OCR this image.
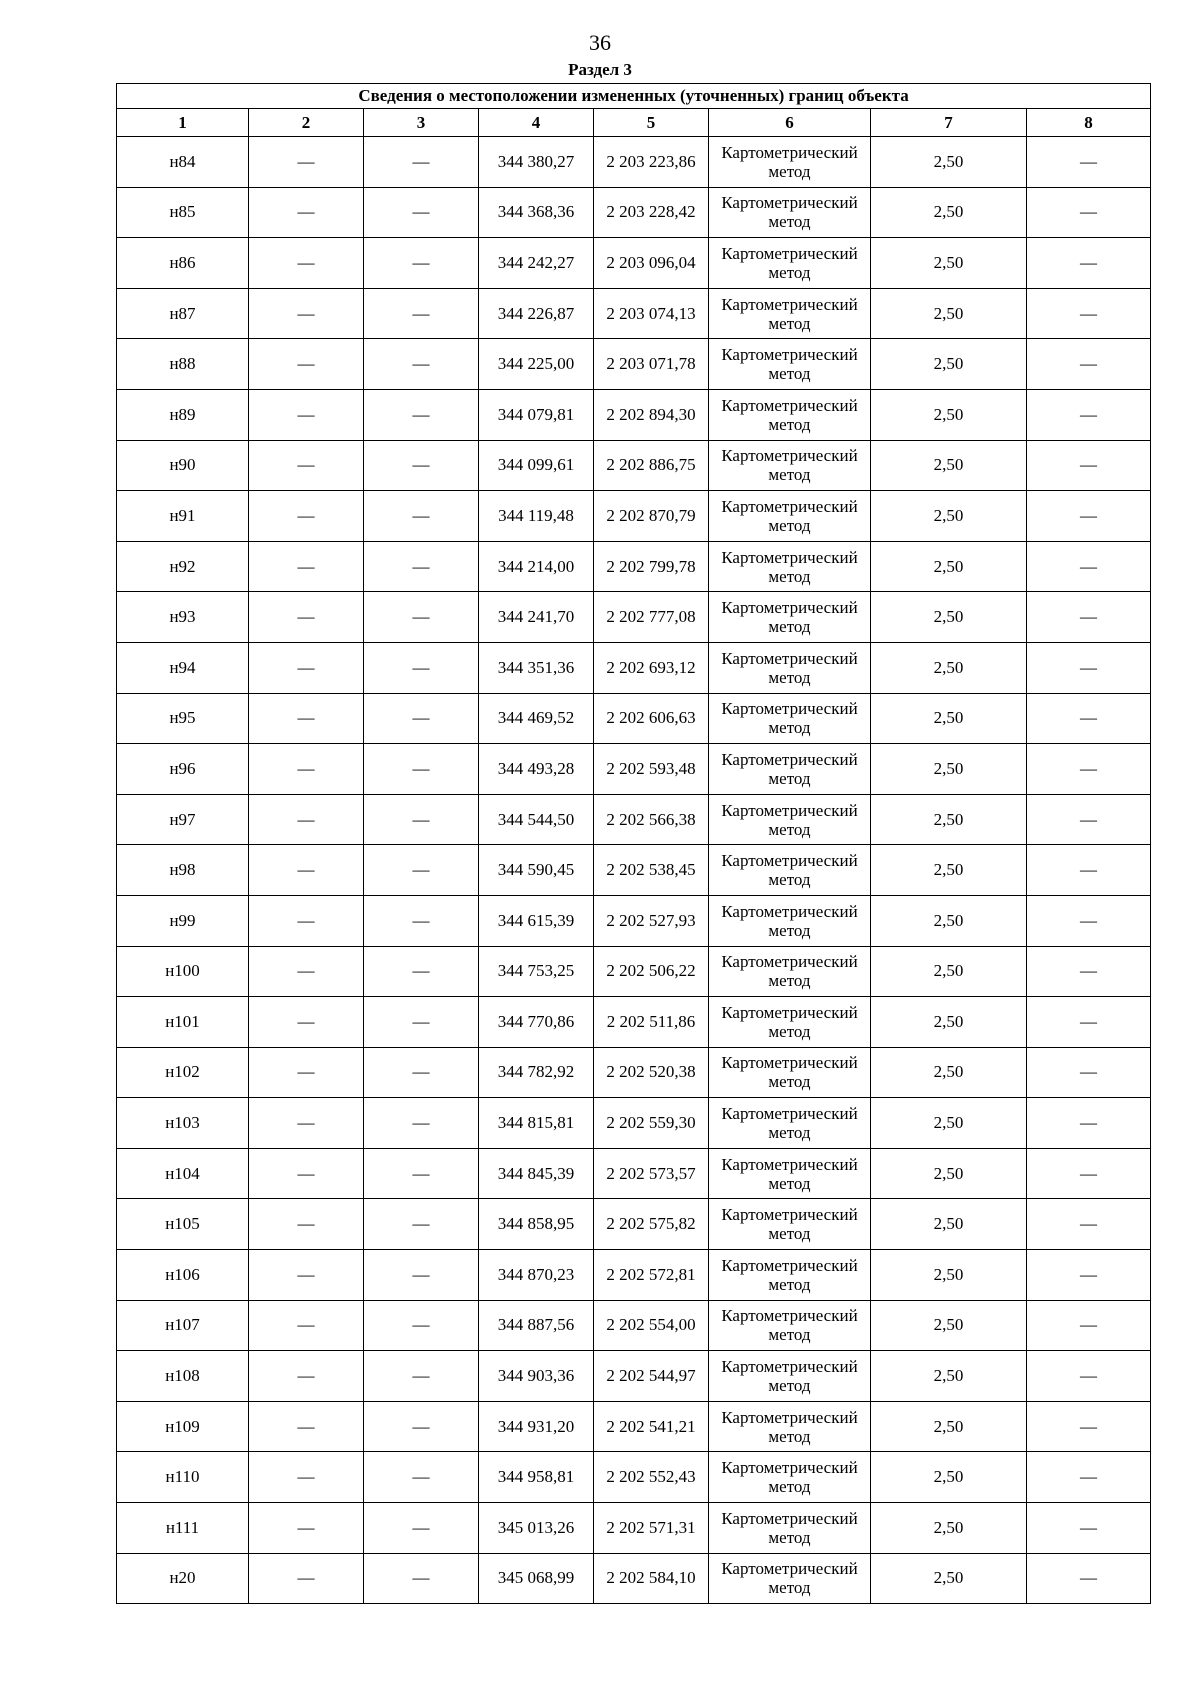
36
Раздел 3
Сведения о местоположении измененных (уточненных) границ объекта							
1	2	3	4	5	6	7	8
н84	—	—	344 380,27	2 203 223,86	Картометрический метод	2,50	—
н85	—	—	344 368,36	2 203 228,42	Картометрический метод	2,50	—
н86	—	—	344 242,27	2 203 096,04	Картометрический метод	2,50	—
н87	—	—	344 226,87	2 203 074,13	Картометрический метод	2,50	—
н88	—	—	344 225,00	2 203 071,78	Картометрический метод	2,50	—
н89	—	—	344 079,81	2 202 894,30	Картометрический метод	2,50	—
н90	—	—	344 099,61	2 202 886,75	Картометрический метод	2,50	—
н91	—	—	344 119,48	2 202 870,79	Картометрический метод	2,50	—
н92	—	—	344 214,00	2 202 799,78	Картометрический метод	2,50	—
н93	—	—	344 241,70	2 202 777,08	Картометрический метод	2,50	—
н94	—	—	344 351,36	2 202 693,12	Картометрический метод	2,50	—
н95	—	—	344 469,52	2 202 606,63	Картометрический метод	2,50	—
н96	—	—	344 493,28	2 202 593,48	Картометрический метод	2,50	—
н97	—	—	344 544,50	2 202 566,38	Картометрический метод	2,50	—
н98	—	—	344 590,45	2 202 538,45	Картометрический метод	2,50	—
н99	—	—	344 615,39	2 202 527,93	Картометрический метод	2,50	—
н100	—	—	344 753,25	2 202 506,22	Картометрический метод	2,50	—
н101	—	—	344 770,86	2 202 511,86	Картометрический метод	2,50	—
н102	—	—	344 782,92	2 202 520,38	Картометрический метод	2,50	—
н103	—	—	344 815,81	2 202 559,30	Картометрический метод	2,50	—
н104	—	—	344 845,39	2 202 573,57	Картометрический метод	2,50	—
н105	—	—	344 858,95	2 202 575,82	Картометрический метод	2,50	—
н106	—	—	344 870,23	2 202 572,81	Картометрический метод	2,50	—
н107	—	—	344 887,56	2 202 554,00	Картометрический метод	2,50	—
н108	—	—	344 903,36	2 202 544,97	Картометрический метод	2,50	—
н109	—	—	344 931,20	2 202 541,21	Картометрический метод	2,50	—
н110	—	—	344 958,81	2 202 552,43	Картометрический метод	2,50	—
н111	—	—	345 013,26	2 202 571,31	Картометрический метод	2,50	—
н20	—	—	345 068,99	2 202 584,10	Картометрический метод	2,50	—
